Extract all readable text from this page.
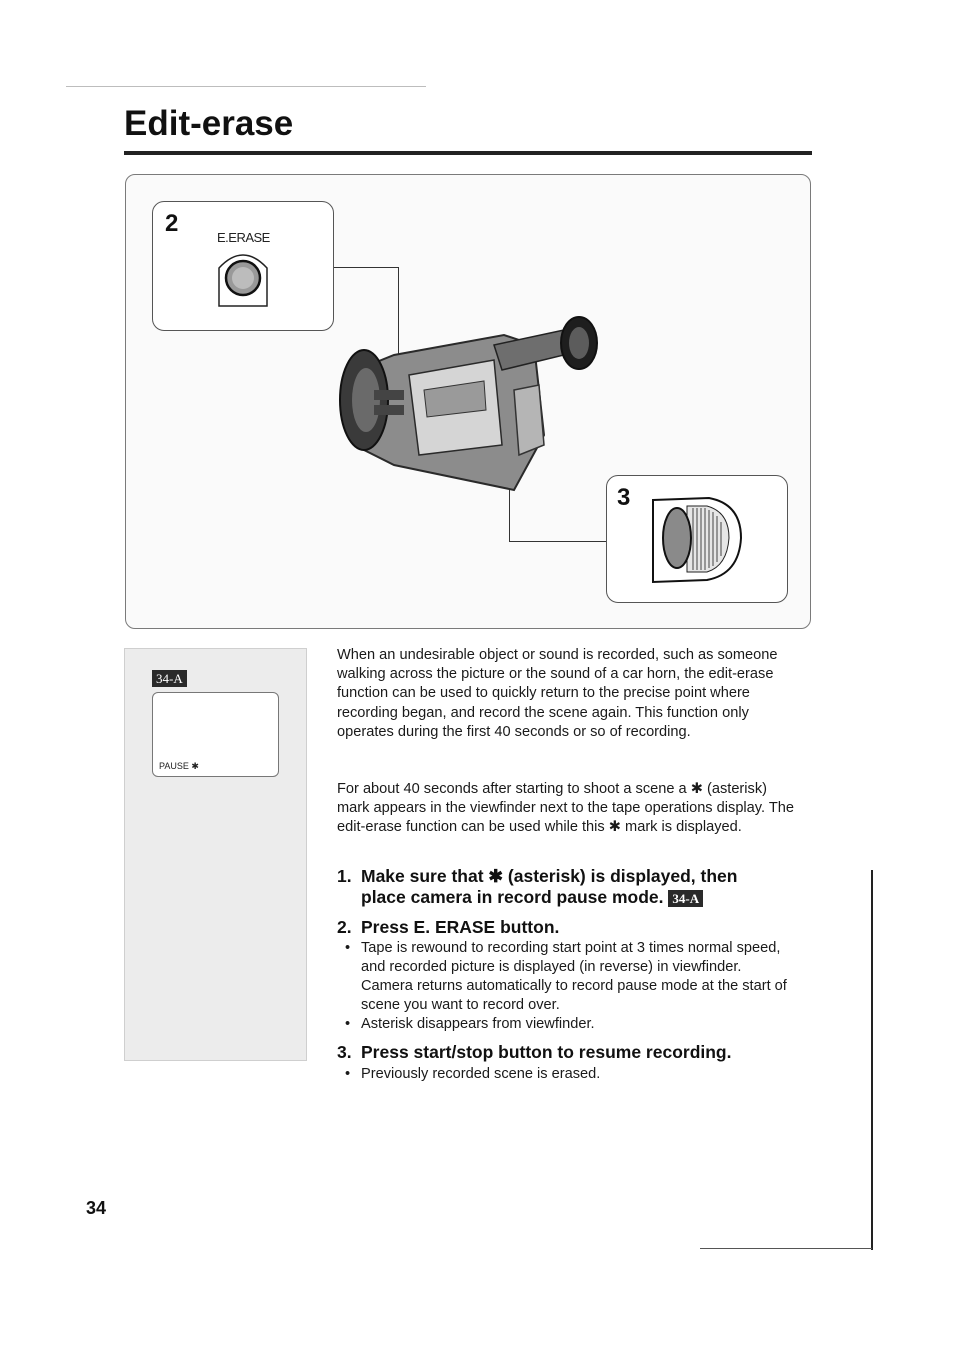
Edit-erase
2
E.ERASE
3
34-A
PAUSE ✱

When an undesirable object or sound is recorded, such as someone walking across the picture or the sound of a car horn, the edit-erase function can be used to quickly return to the precise point where recording began, and record the scene again. This function only operates during the first 40 seconds or so of recording.

For about 40 seconds after starting to shoot a scene a ✱ (asterisk) mark appears in the viewfinder next to the tape operations display. The edit-erase function can be used while this ✱ mark is displayed.

1. Make sure that ✱ (asterisk) is displayed, then
place camera in record pause mode. 34-A
2. Press E. ERASE button.
• Tape is rewound to recording start point at 3 times normal speed, and recorded picture is displayed (in reverse) in viewfinder. Camera returns automatically to record pause mode at the start of scene you want to record over.
• Asterisk disappears from viewfinder.
3. Press start/stop button to resume recording.
• Previously recorded scene is erased.
34
